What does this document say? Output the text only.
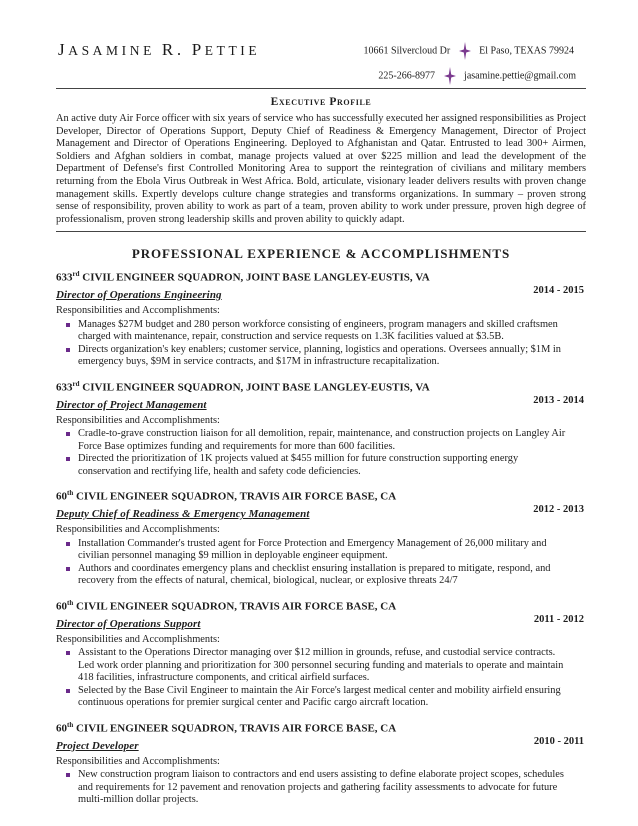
JASAMINE R. PETTIE	10661 Silvercloud Dr	El Paso, TEXAS 79924
225-266-8977	jasamine.pettie@gmail.com
Executive Profile
An active duty Air Force officer with six years of service who has successfully executed her assigned responsibilities as Project Developer, Director of Operations Support, Deputy Chief of Readiness & Emergency Management, Director of Project Management and Director of Operations Engineering. Deployed to Afghanistan and Qatar. Entrusted to lead 300+ Airmen, Soldiers and Afghan soldiers in combat, manage projects valued at over $225 million and lead the development of the Department of Defense's first Controlled Monitoring Area to support the reintegration of civilians and military members returning from the Ebola Virus Outbreak in West Africa. Bold, articulate, visionary leader delivers results with proven change management skills. Expertly develops culture change strategies and transforms organizations. In summary – proven strong sense of responsibility, proven ability to work as part of a team, proven ability to work under pressure, proven high degree of professionalism, proven strong leadership skills and proven ability to quickly adapt.
PROFESSIONAL EXPERIENCE & ACCOMPLISHMENTS
633rd CIVIL ENGINEER SQUADRON, JOINT BASE LANGLEY-EUSTIS, VA
Director of Operations Engineering	2014 - 2015
Responsibilities and Accomplishments:
Manages $27M budget and 280 person workforce consisting of engineers, program managers and skilled craftsmen charged with maintenance, repair, construction and service requests on 1.3K facilities valued at $3.5B.
Directs organization's key enablers; customer service, planning, logistics and operations. Oversees annually; $1M in emergency buys, $9M in service contracts, and $17M in infrastructure recapitalization.
633rd CIVIL ENGINEER SQUADRON, JOINT BASE LANGLEY-EUSTIS, VA
Director of Project Management	2013 - 2014
Responsibilities and Accomplishments:
Cradle-to-grave construction liaison for all demolition, repair, maintenance, and construction projects on Langley Air Force Base optimizes funding and requirements for more than 600 facilities.
Directed the prioritization of 1K projects valued at $455 million for future construction supporting energy conservation and rectifying life, health and safety code deficiencies.
60th CIVIL ENGINEER SQUADRON, TRAVIS AIR FORCE BASE, CA
Deputy Chief of Readiness & Emergency Management	2012 - 2013
Responsibilities and Accomplishments:
Installation Commander's trusted agent for Force Protection and Emergency Management of 26,000 military and civilian personnel managing $9 million in deployable engineer equipment.
Authors and coordinates emergency plans and checklist ensuring installation is prepared to mitigate, respond, and recovery from the effects of natural, chemical, biological, nuclear, or explosive threats 24/7
60th CIVIL ENGINEER SQUADRON, TRAVIS AIR FORCE BASE, CA
Director of Operations Support	2011 - 2012
Responsibilities and Accomplishments:
Assistant to the Operations Director managing over $12 million in grounds, refuse, and custodial service contracts. Led work order planning and prioritization for 300 personnel securing funding and materials to operate and maintain 418 facilities, infrastructure components, and critical airfield surfaces.
Selected by the Base Civil Engineer to maintain the Air Force's largest medical center and mobility airfield ensuring continuous operations for premier surgical center and Pacific cargo aircraft location.
60th CIVIL ENGINEER SQUADRON, TRAVIS AIR FORCE BASE, CA
Project Developer	2010 - 2011
Responsibilities and Accomplishments:
New construction program liaison to contractors and end users assisting to define elaborate project scopes, schedules and requirements for 12 pavement and renovation projects and gathering facility assessments to advocate for future multi-million dollar projects.
